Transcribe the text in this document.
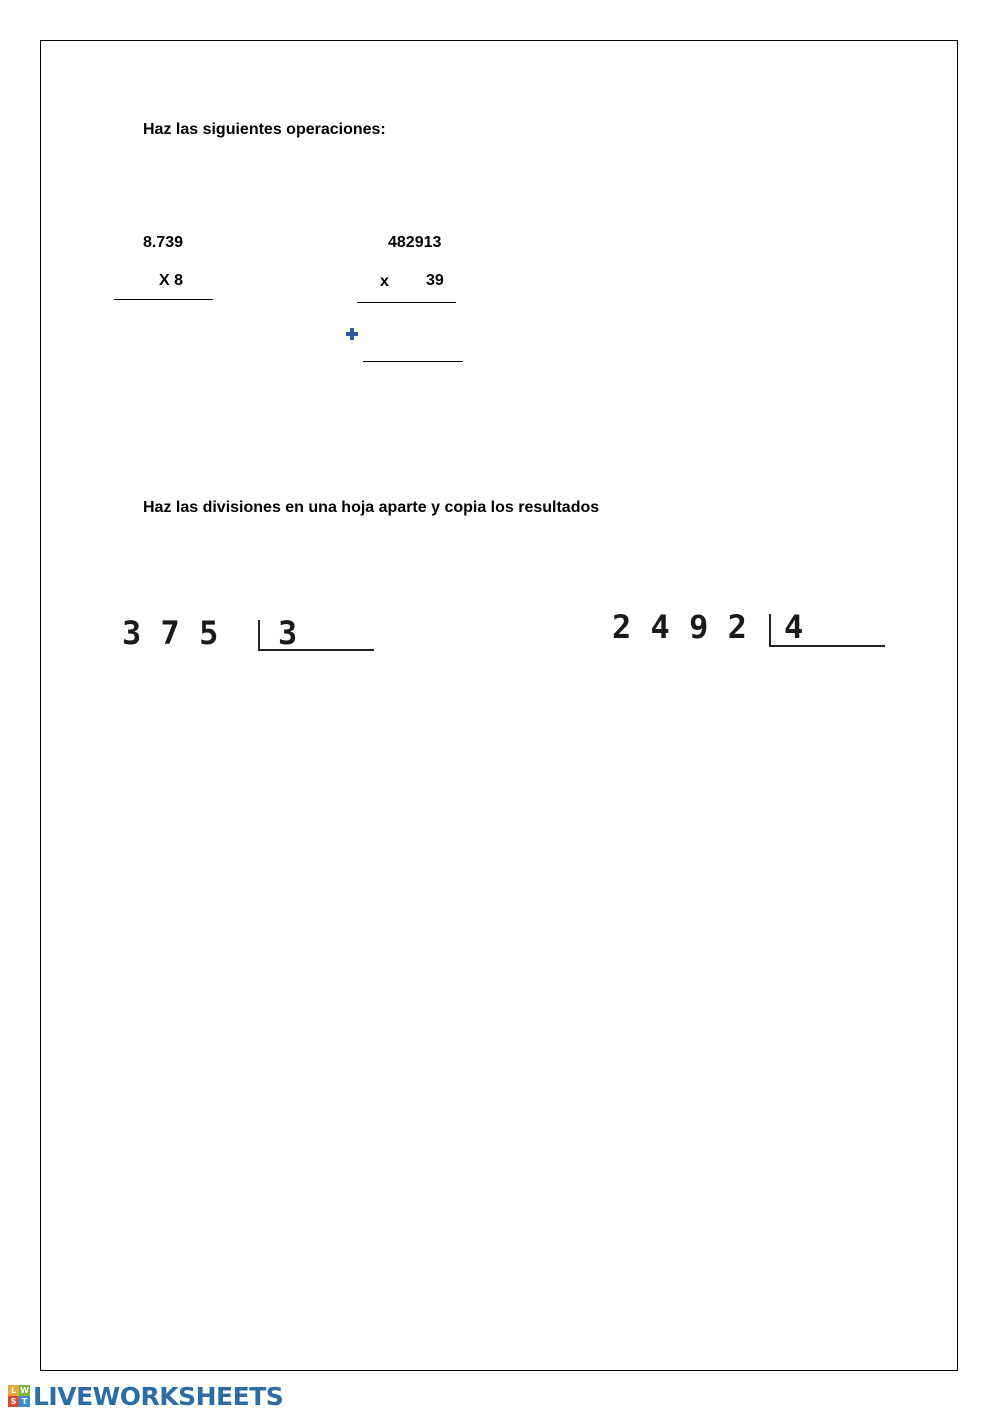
Haz las siguientes operaciones:
8.739
X 8
482913
x 39
Haz las divisiones en una hoja aparte y copia los resultados
3 7 5 3	2 4 9 2 4
L W
S T LIVEWORKSHEETS
